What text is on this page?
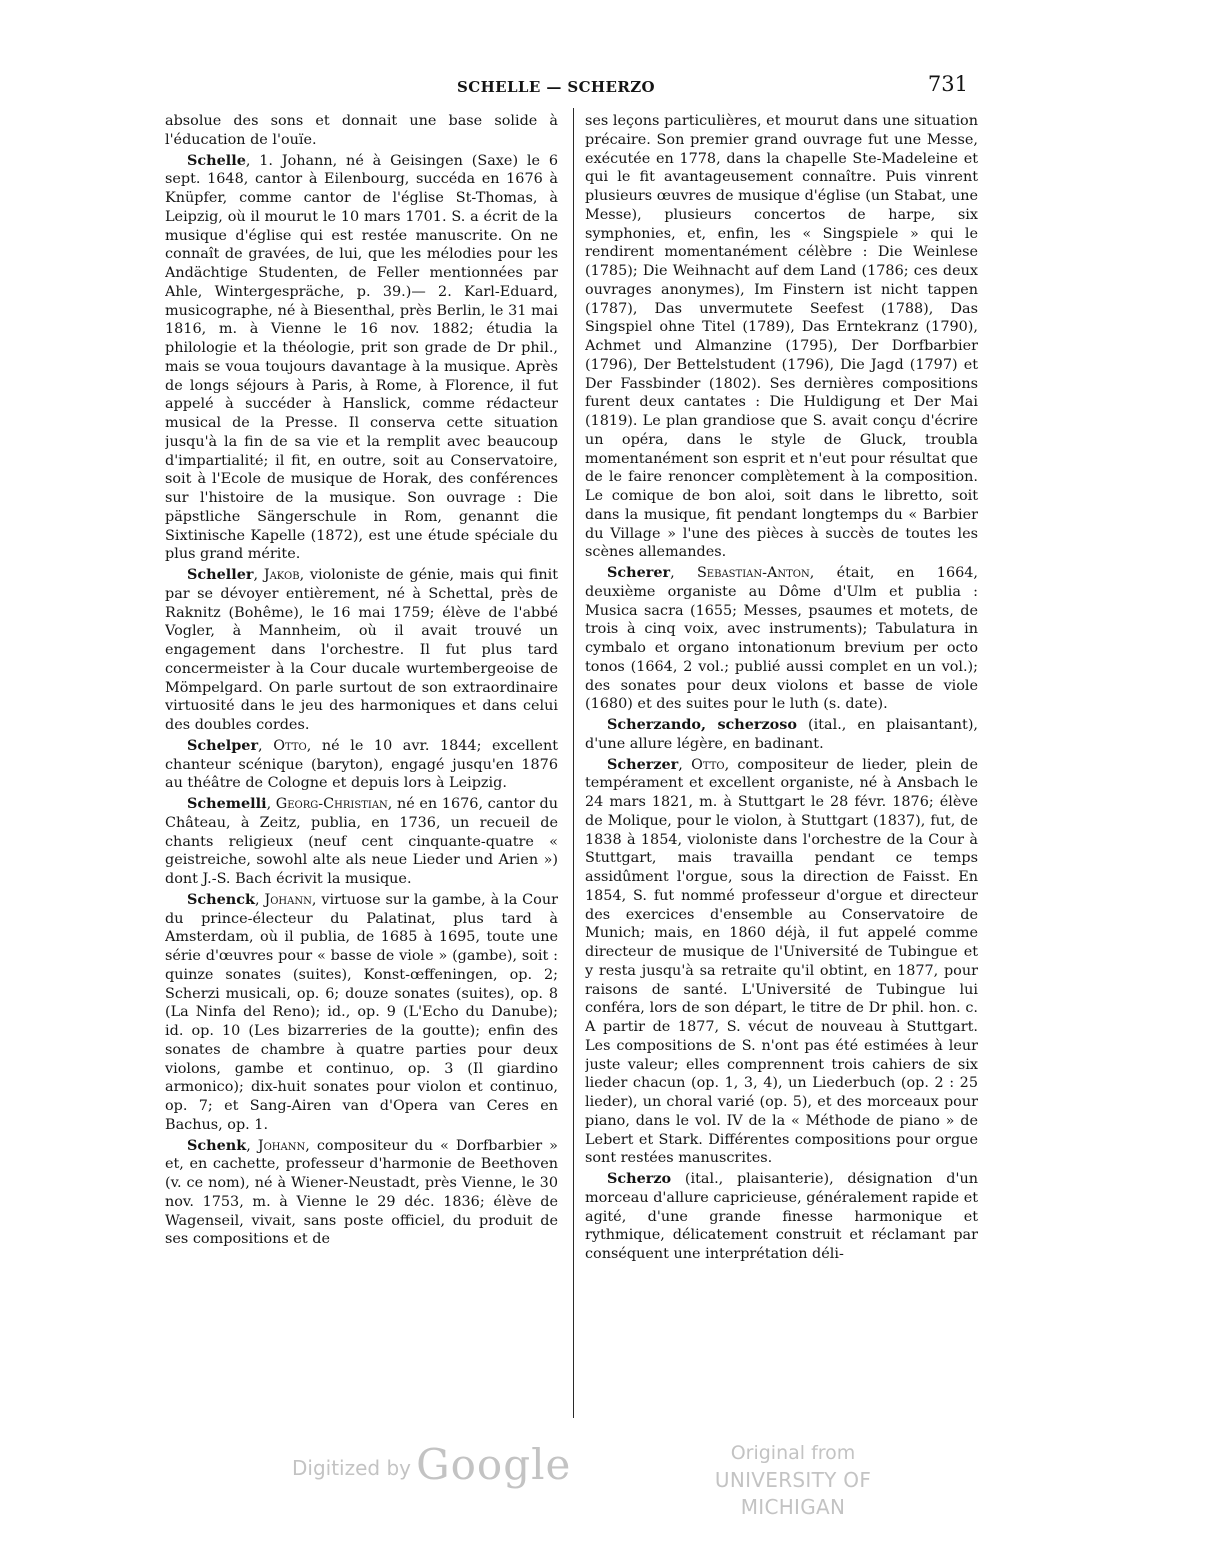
SCHELLE — SCHERZO	731

absolue des sons et donnait une base solide à l'éducation de l'ouïe.

Schelle, 1. Johann, né à Geisingen (Saxe) le 6 sept. 1648, cantor à Eilenbourg, succéda en 1676 à Knüpfer, comme cantor de l'église St-Thomas, à Leipzig, où il mourut le 10 mars 1701. S. a écrit de la musique d'église qui est restée manuscrite. On ne connaît de gravées, de lui, que les mélodies pour les Andächtige Studenten, de Feller mentionnées par Ahle, Wintergespräche, p. 39.)— 2. Karl-Eduard, musicographe, né à Biesenthal, près Berlin, le 31 mai 1816, m. à Vienne le 16 nov. 1882; étudia la philologie et la théologie, prit son grade de Dr phil., mais se voua toujours davantage à la musique. Après de longs séjours à Paris, à Rome, à Florence, il fut appelé à succéder à Hanslick, comme rédacteur musical de la Presse. Il conserva cette situation jusqu'à la fin de sa vie et la remplit avec beaucoup d'impartialité; il fit, en outre, soit au Conservatoire, soit à l'Ecole de musique de Horak, des conférences sur l'histoire de la musique. Son ouvrage : Die päpstliche Sängerschule in Rom, genannt die Sixtinische Kapelle (1872), est une étude spéciale du plus grand mérite.

Scheller, Jakob, violoniste de génie, mais qui finit par se dévoyer entièrement, né à Schettal, près de Raknitz (Bohême), le 16 mai 1759; élève de l'abbé Vogler, à Mannheim, où il avait trouvé un engagement dans l'orchestre. Il fut plus tard concermeister à la Cour ducale wurtembergeoise de Mömpelgard. On parle surtout de son extraordinaire virtuosité dans le jeu des harmoniques et dans celui des doubles cordes.

Schelper, Otto, né le 10 avr. 1844; excellent chanteur scénique (baryton), engagé jusqu'en 1876 au théâtre de Cologne et depuis lors à Leipzig.

Schemelli, Georg-Christian, né en 1676, cantor du Château, à Zeitz, publia, en 1736, un recueil de chants religieux (neuf cent cinquante-quatre « geistreiche, sowohl alte als neue Lieder und Arien ») dont J.-S. Bach écrivit la musique.

Schenck, Johann, virtuose sur la gambe, à la Cour du prince-électeur du Palatinat, plus tard à Amsterdam, où il publia, de 1685 à 1695, toute une série d'œuvres pour « basse de viole » (gambe), soit : quinze sonates (suites), Konst-œffeningen, op. 2; Scherzi musicali, op. 6; douze sonates (suites), op. 8 (La Ninfa del Reno); id., op. 9 (L'Echo du Danube); id. op. 10 (Les bizarreries de la goutte); enfin des sonates de chambre à quatre parties pour deux violons, gambe et continuo, op. 3 (Il giardino armonico); dix-huit sonates pour violon et continuo, op. 7; et Sang-Airen van d'Opera van Ceres en Bachus, op. 1.

Schenk, Johann, compositeur du « Dorfbarbier » et, en cachette, professeur d'harmonie de Beethoven (v. ce nom), né à Wiener-Neustadt, près Vienne, le 30 nov. 1753, m. à Vienne le 29 déc. 1836; élève de Wagenseil, vivait, sans poste officiel, du produit de ses compositions et de

ses leçons particulières, et mourut dans une situation précaire. Son premier grand ouvrage fut une Messe, exécutée en 1778, dans la chapelle Ste-Madeleine et qui le fit avantageusement connaître. Puis vinrent plusieurs œuvres de musique d'église (un Stabat, une Messe), plusieurs concertos de harpe, six symphonies, et, enfin, les « Singspiele » qui le rendirent momentanément célèbre : Die Weinlese (1785); Die Weihnacht auf dem Land (1786; ces deux ouvrages anonymes), Im Finstern ist nicht tappen (1787), Das unvermutete Seefest (1788), Das Singspiel ohne Titel (1789), Das Erntekranz (1790), Achmet und Almanzine (1795), Der Dorfbarbier (1796), Der Bettelstudent (1796), Die Jagd (1797) et Der Fassbinder (1802). Ses dernières compositions furent deux cantates : Die Huldigung et Der Mai (1819). Le plan grandiose que S. avait conçu d'écrire un opéra, dans le style de Gluck, troubla momentanément son esprit et n'eut pour résultat que de le faire renoncer complètement à la composition. Le comique de bon aloi, soit dans le libretto, soit dans la musique, fit pendant longtemps du « Barbier du Village » l'une des pièces à succès de toutes les scènes allemandes.

Scherer, Sebastian-Anton, était, en 1664, deuxième organiste au Dôme d'Ulm et publia : Musica sacra (1655; Messes, psaumes et motets, de trois à cinq voix, avec instruments); Tabulatura in cymbalo et organo intonationum brevium per octo tonos (1664, 2 vol.; publié aussi complet en un vol.); des sonates pour deux violons et basse de viole (1680) et des suites pour le luth (s. date).

Scherzando, scherzoso (ital., en plaisantant), d'une allure légère, en badinant.

Scherzer, Otto, compositeur de lieder, plein de tempérament et excellent organiste, né à Ansbach le 24 mars 1821, m. à Stuttgart le 28 févr. 1876; élève de Molique, pour le violon, à Stuttgart (1837), fut, de 1838 à 1854, violoniste dans l'orchestre de la Cour à Stuttgart, mais travailla pendant ce temps assidûment l'orgue, sous la direction de Faisst. En 1854, S. fut nommé professeur d'orgue et directeur des exercices d'ensemble au Conservatoire de Munich; mais, en 1860 déjà, il fut appelé comme directeur de musique de l'Université de Tubingue et y resta jusqu'à sa retraite qu'il obtint, en 1877, pour raisons de santé. L'Université de Tubingue lui conféra, lors de son départ, le titre de Dr phil. hon. c. A partir de 1877, S. vécut de nouveau à Stuttgart. Les compositions de S. n'ont pas été estimées à leur juste valeur; elles comprennent trois cahiers de six lieder chacun (op. 1, 3, 4), un Liederbuch (op. 2 : 25 lieder), un choral varié (op. 5), et des morceaux pour piano, dans le vol. IV de la « Méthode de piano » de Lebert et Stark. Différentes compositions pour orgue sont restées manuscrites.

Scherzo (ital., plaisanterie), désignation d'un morceau d'allure capricieuse, généralement rapide et agité, d'une grande finesse harmonique et rythmique, délicatement construit et réclamant par conséquent une interprétation déli-

Digitized by Google	Original from
UNIVERSITY OF MICHIGAN
